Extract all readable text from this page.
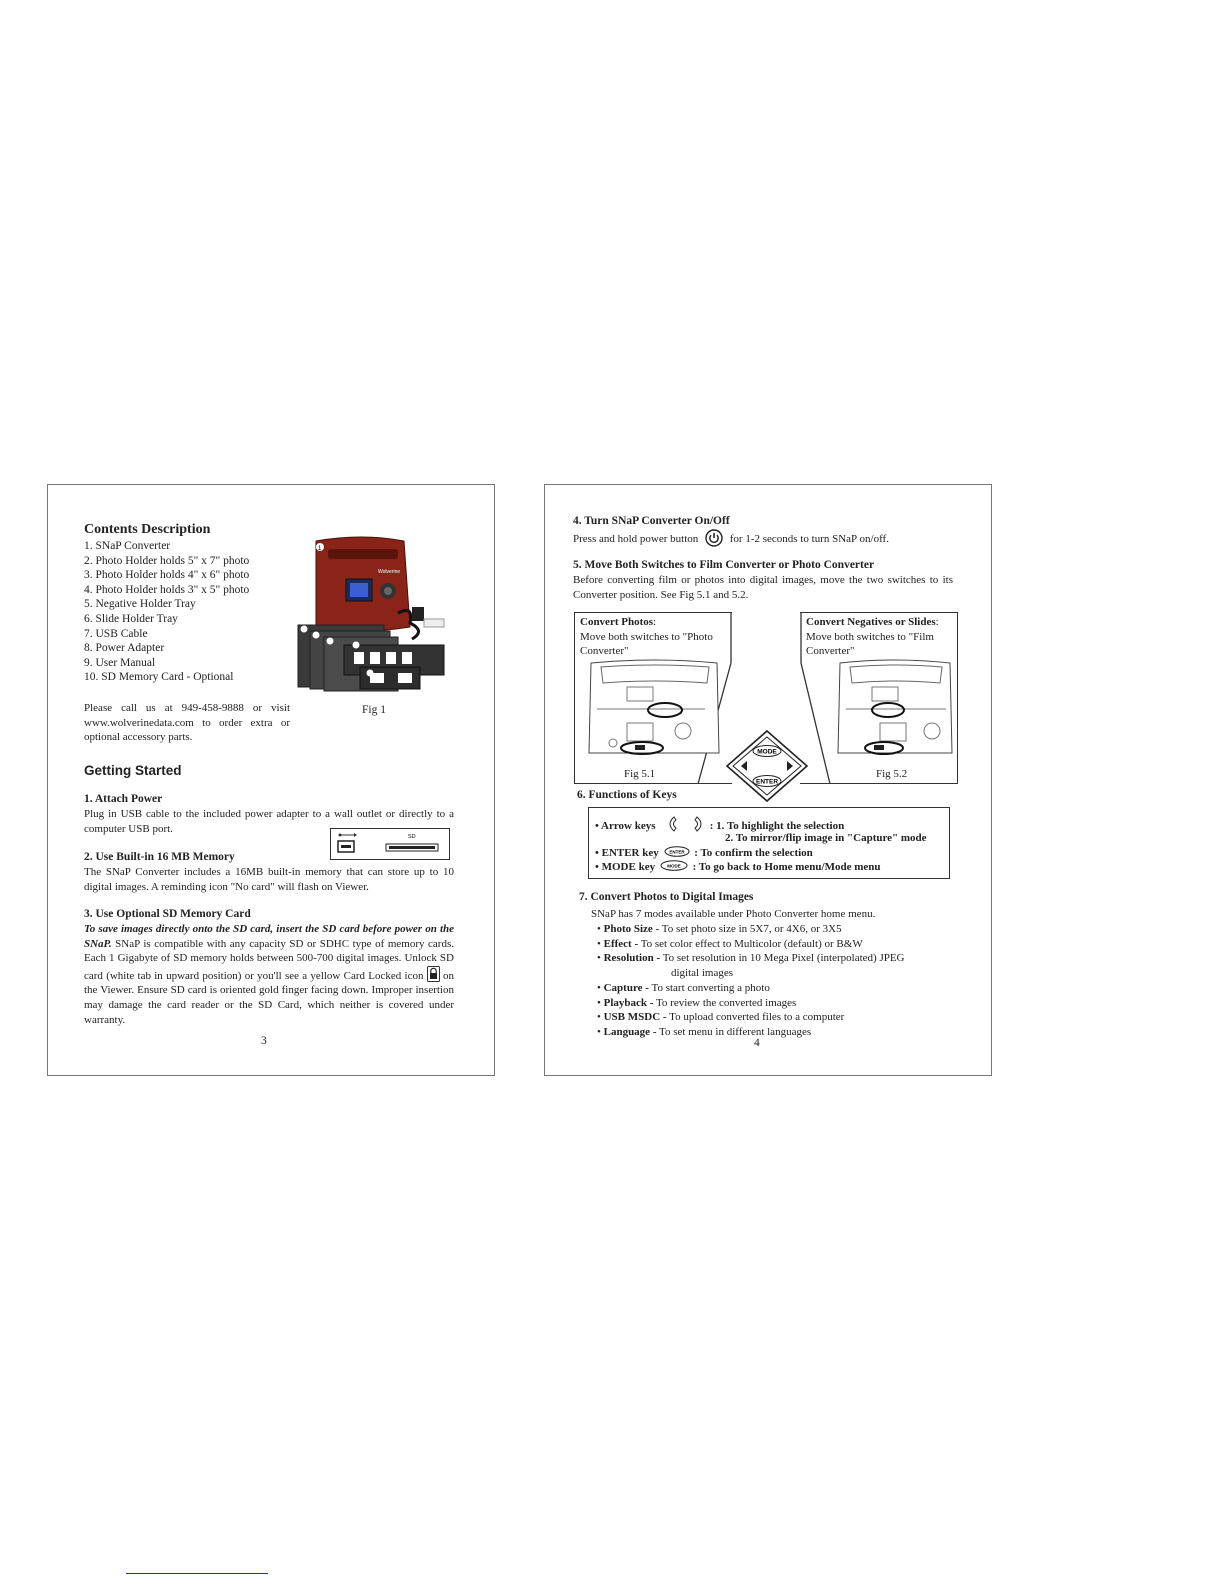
Contents Description
1. SNaP Converter
2. Photo Holder holds 5" x 7" photo
3. Photo Holder holds 4" x 6" photo
4. Photo Holder holds 3" x 5" photo
5. Negative Holder Tray
6. Slide Holder Tray
7. USB Cable
8. Power Adapter
9. User Manual
10. SD Memory Card - Optional
Wolverine
1
Please call us at 949-458-9888 or visit www.wolverinedata.com to order extra or optional accessory parts.
Fig 1
Getting Started
1. Attach Power
Plug in USB cable to the included power adapter to a wall outlet or directly to a computer USB port.
SD
2. Use Built-in 16 MB Memory
The SNaP Converter includes a 16MB built-in memory that can store up to 10 digital images. A reminding icon "No card" will flash on Viewer.
3. Use Optional SD Memory Card
To save images directly onto the SD card, insert the SD card before power on the SNaP. SNaP is compatible with any capacity SD or SDHC type of memory cards. Each 1 Gigabyte of SD memory holds between 500-700 digital images. Unlock SD card (white tab in upward position) or you'll see a yellow Card Locked icon  on the Viewer. Ensure SD card is oriented gold finger facing down. Improper insertion may damage the card reader or the SD Card, which neither is covered under warranty.
3
4. Turn SNaP Converter On/Off
Press and hold power button	for 1-2 seconds to turn SNaP on/off.
5. Move Both Switches to Film Converter or Photo Converter
Before converting film or photos into digital images, move the two switches to its Converter position. See Fig 5.1 and 5.2.
Convert Photos:
Move both switches to "Photo Converter"
Fig 5.1
MODE
ENTER
Convert Negatives or Slides:
Move both switches to "Film Converter"
Fig 5.2
6. Functions of Keys
• Arrow keys	: 1. To highlight the selection
2. To mirror/flip image in "Capture" mode
• ENTER key ENTER : To confirm the selection
• MODE key	MODE : To go back to Home menu/Mode menu
7. Convert Photos to Digital Images
SNaP has 7 modes available under Photo Converter home menu.
• Photo Size - To set photo size in 5X7, or 4X6, or 3X5
• Effect - To set color effect to Multicolor (default) or B&W
• Resolution - To set resolution in 10 Mega Pixel (interpolated) JPEG
digital images
• Capture - To start converting a photo
• Playback - To review the converted images
• USB MSDC - To upload converted files to a computer
• Language - To set menu in different languages
4
